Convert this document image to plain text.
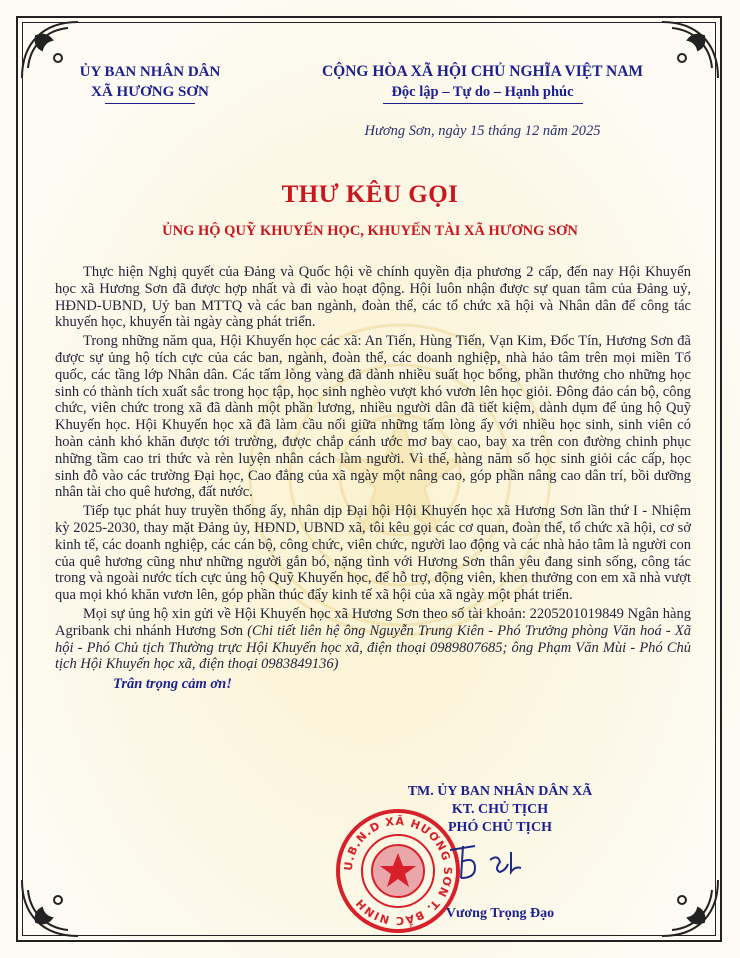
ỦY BAN NHÂN DÂN
XÃ HƯƠNG SƠN
CỘNG HÒA XÃ HỘI CHỦ NGHĨA VIỆT NAM
Độc lập – Tự do – Hạnh phúc
Hương Sơn, ngày 15 tháng 12 năm 2025
THƯ KÊU GỌI
ỦNG HỘ QUỸ KHUYẾN HỌC, KHUYẾN TÀI XÃ HƯƠNG SƠN

Thực hiện Nghị quyết của Đảng và Quốc hội về chính quyền địa phương 2 cấp, đến nay Hội Khuyến học xã Hương Sơn đã được hợp nhất và đi vào hoạt động. Hội luôn nhận được sự quan tâm của Đảng uỷ, HĐND-UBND, Uỷ ban MTTQ và các ban ngành, đoàn thể, các tổ chức xã hội và Nhân dân để công tác khuyến học, khuyến tài ngày càng phát triển.

Trong những năm qua, Hội Khuyến học các xã: An Tiến, Hùng Tiến, Vạn Kim, Đốc Tín, Hương Sơn đã được sự ủng hộ tích cực của các ban, ngành, đoàn thể, các doanh nghiệp, nhà hảo tâm trên mọi miền Tổ quốc, các tầng lớp Nhân dân. Các tấm lòng vàng đã dành nhiều suất học bổng, phần thưởng cho những học sinh có thành tích xuất sắc trong học tập, học sinh nghèo vượt khó vươn lên học giỏi. Đông đảo cán bộ, công chức, viên chức trong xã đã dành một phần lương, nhiều người dân đã tiết kiệm, dành dụm để ủng hộ Quỹ Khuyến học. Hội Khuyến học xã đã làm cầu nối giữa những tấm lòng ấy với nhiều học sinh, sinh viên có hoàn cảnh khó khăn được tới trường, được chắp cánh ước mơ bay cao, bay xa trên con đường chinh phục những tầm cao tri thức và rèn luyện nhân cách làm người. Vì thế, hàng năm số học sinh giỏi các cấp, học sinh đỗ vào các trường Đại học, Cao đẳng của xã ngày một nâng cao, góp phần nâng cao dân trí, bồi dưỡng nhân tài cho quê hương, đất nước.

Tiếp tục phát huy truyền thống ấy, nhân dịp Đại hội Hội Khuyến học xã Hương Sơn lần thứ I - Nhiệm kỳ 2025-2030, thay mặt Đảng ủy, HĐND, UBND xã, tôi kêu gọi các cơ quan, đoàn thể, tổ chức xã hội, cơ sở kinh tế, các doanh nghiệp, các cán bộ, công chức, viên chức, người lao động và các nhà hảo tâm là người con của quê hương cũng như những người gắn bó, nặng tình với Hương Sơn thân yêu đang sinh sống, công tác trong và ngoài nước tích cực ủng hộ Quỹ Khuyến học, để hỗ trợ, động viên, khen thưởng con em xã nhà vượt qua mọi khó khăn vươn lên, góp phần thúc đẩy kinh tế xã hội của xã ngày một phát triển.

Mọi sự ủng hộ xin gửi về Hội Khuyến học xã Hương Sơn theo số tài khoản: 2205201019849 Ngân hàng Agribank chi nhánh Hương Sơn (Chi tiết liên hệ ông Nguyễn Trung Kiên - Phó Trưởng phòng Văn hoá - Xã hội - Phó Chủ tịch Thường trực Hội Khuyến học xã, điện thoại 0989807685; ông Phạm Văn Mùi - Phó Chủ tịch Hội Khuyến học xã, điện thoại 0983849136)

Trân trọng cảm ơn!
TM. ỦY BAN NHÂN DÂN XÃ
KT. CHỦ TỊCH
PHÓ CHỦ TỊCH
U.B.N.D XÃ HƯƠNG SƠN T. BẮC NINH
Vương Trọng Đạo
